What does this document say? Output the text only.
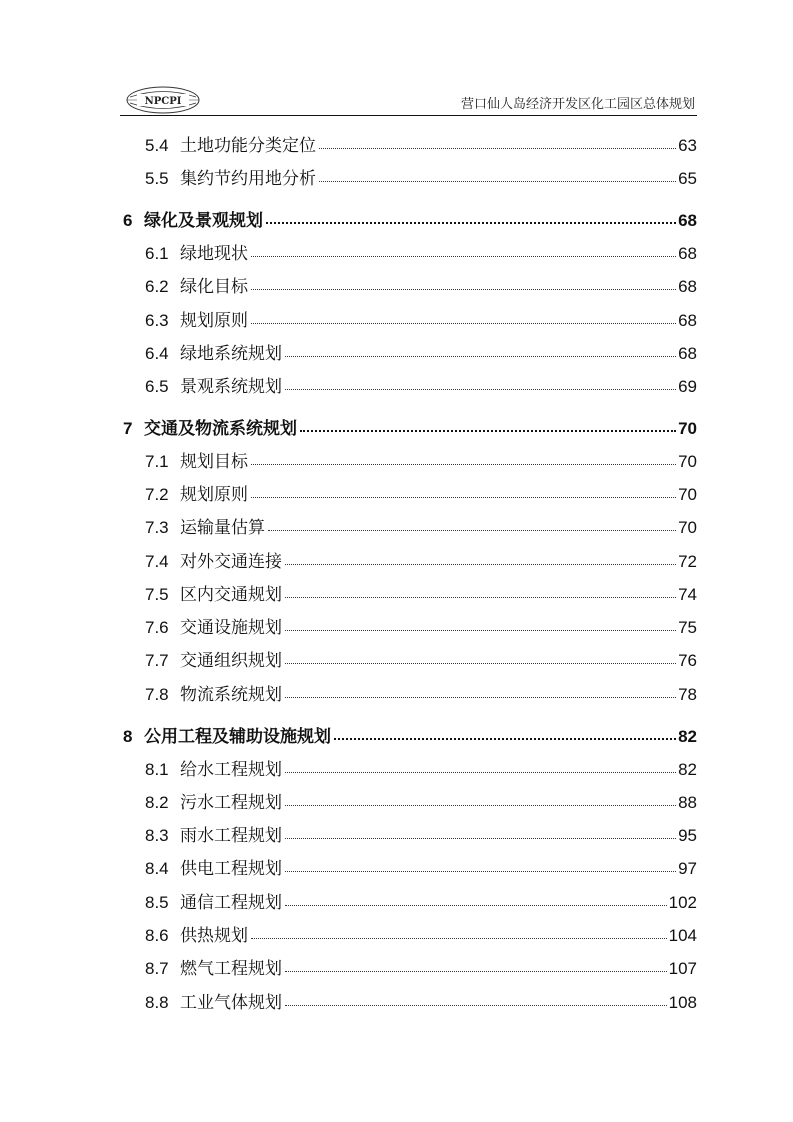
NPCPI	营口仙人岛经济开发区化工园区总体规划
5.4 土地功能分类定位	63
5.5 集约节约用地分析	65
6 绿化及景观规划	68
6.1 绿地现状	68
6.2 绿化目标	68
6.3 规划原则	68
6.4 绿地系统规划	68
6.5 景观系统规划	69
7 交通及物流系统规划	70
7.1 规划目标	70
7.2 规划原则	70
7.3 运输量估算	70
7.4 对外交通连接	72
7.5 区内交通规划	74
7.6 交通设施规划	75
7.7 交通组织规划	76
7.8 物流系统规划	78
8 公用工程及辅助设施规划	82
8.1 给水工程规划	82
8.2 污水工程规划	88
8.3 雨水工程规划	95
8.4 供电工程规划	97
8.5 通信工程规划	102
8.6 供热规划	104
8.7 燃气工程规划	107
8.8 工业气体规划	108
